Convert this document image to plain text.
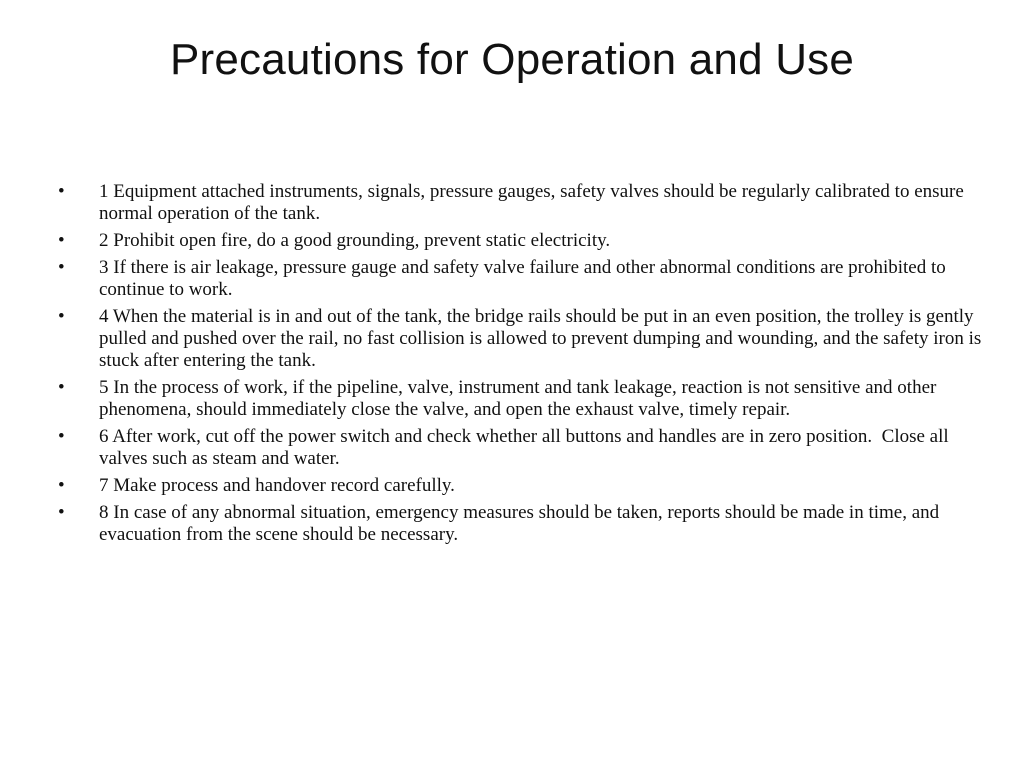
Precautions for Operation and Use
•	1 Equipment attached instruments, signals, pressure gauges, safety valves should be regularly calibrated to ensure normal operation of the tank.
•	2 Prohibit open fire, do a good grounding, prevent static electricity.
•	3 If there is air leakage, pressure gauge and safety valve failure and other abnormal conditions are prohibited to continue to work.
•	4 When the material is in and out of the tank, the bridge rails should be put in an even position, the trolley is gently pulled and pushed over the rail, no fast collision is allowed to prevent dumping and wounding, and the safety iron is stuck after entering the tank.
•	5 In the process of work, if the pipeline, valve, instrument and tank leakage, reaction is not sensitive and other phenomena, should immediately close the valve, and open the exhaust valve, timely repair.
•	6 After work, cut off the power switch and check whether all buttons and handles are in zero position.  Close all valves such as steam and water.
•	7 Make process and handover record carefully.
•	8 In case of any abnormal situation, emergency measures should be taken, reports should be made in time, and evacuation from the scene should be necessary.
